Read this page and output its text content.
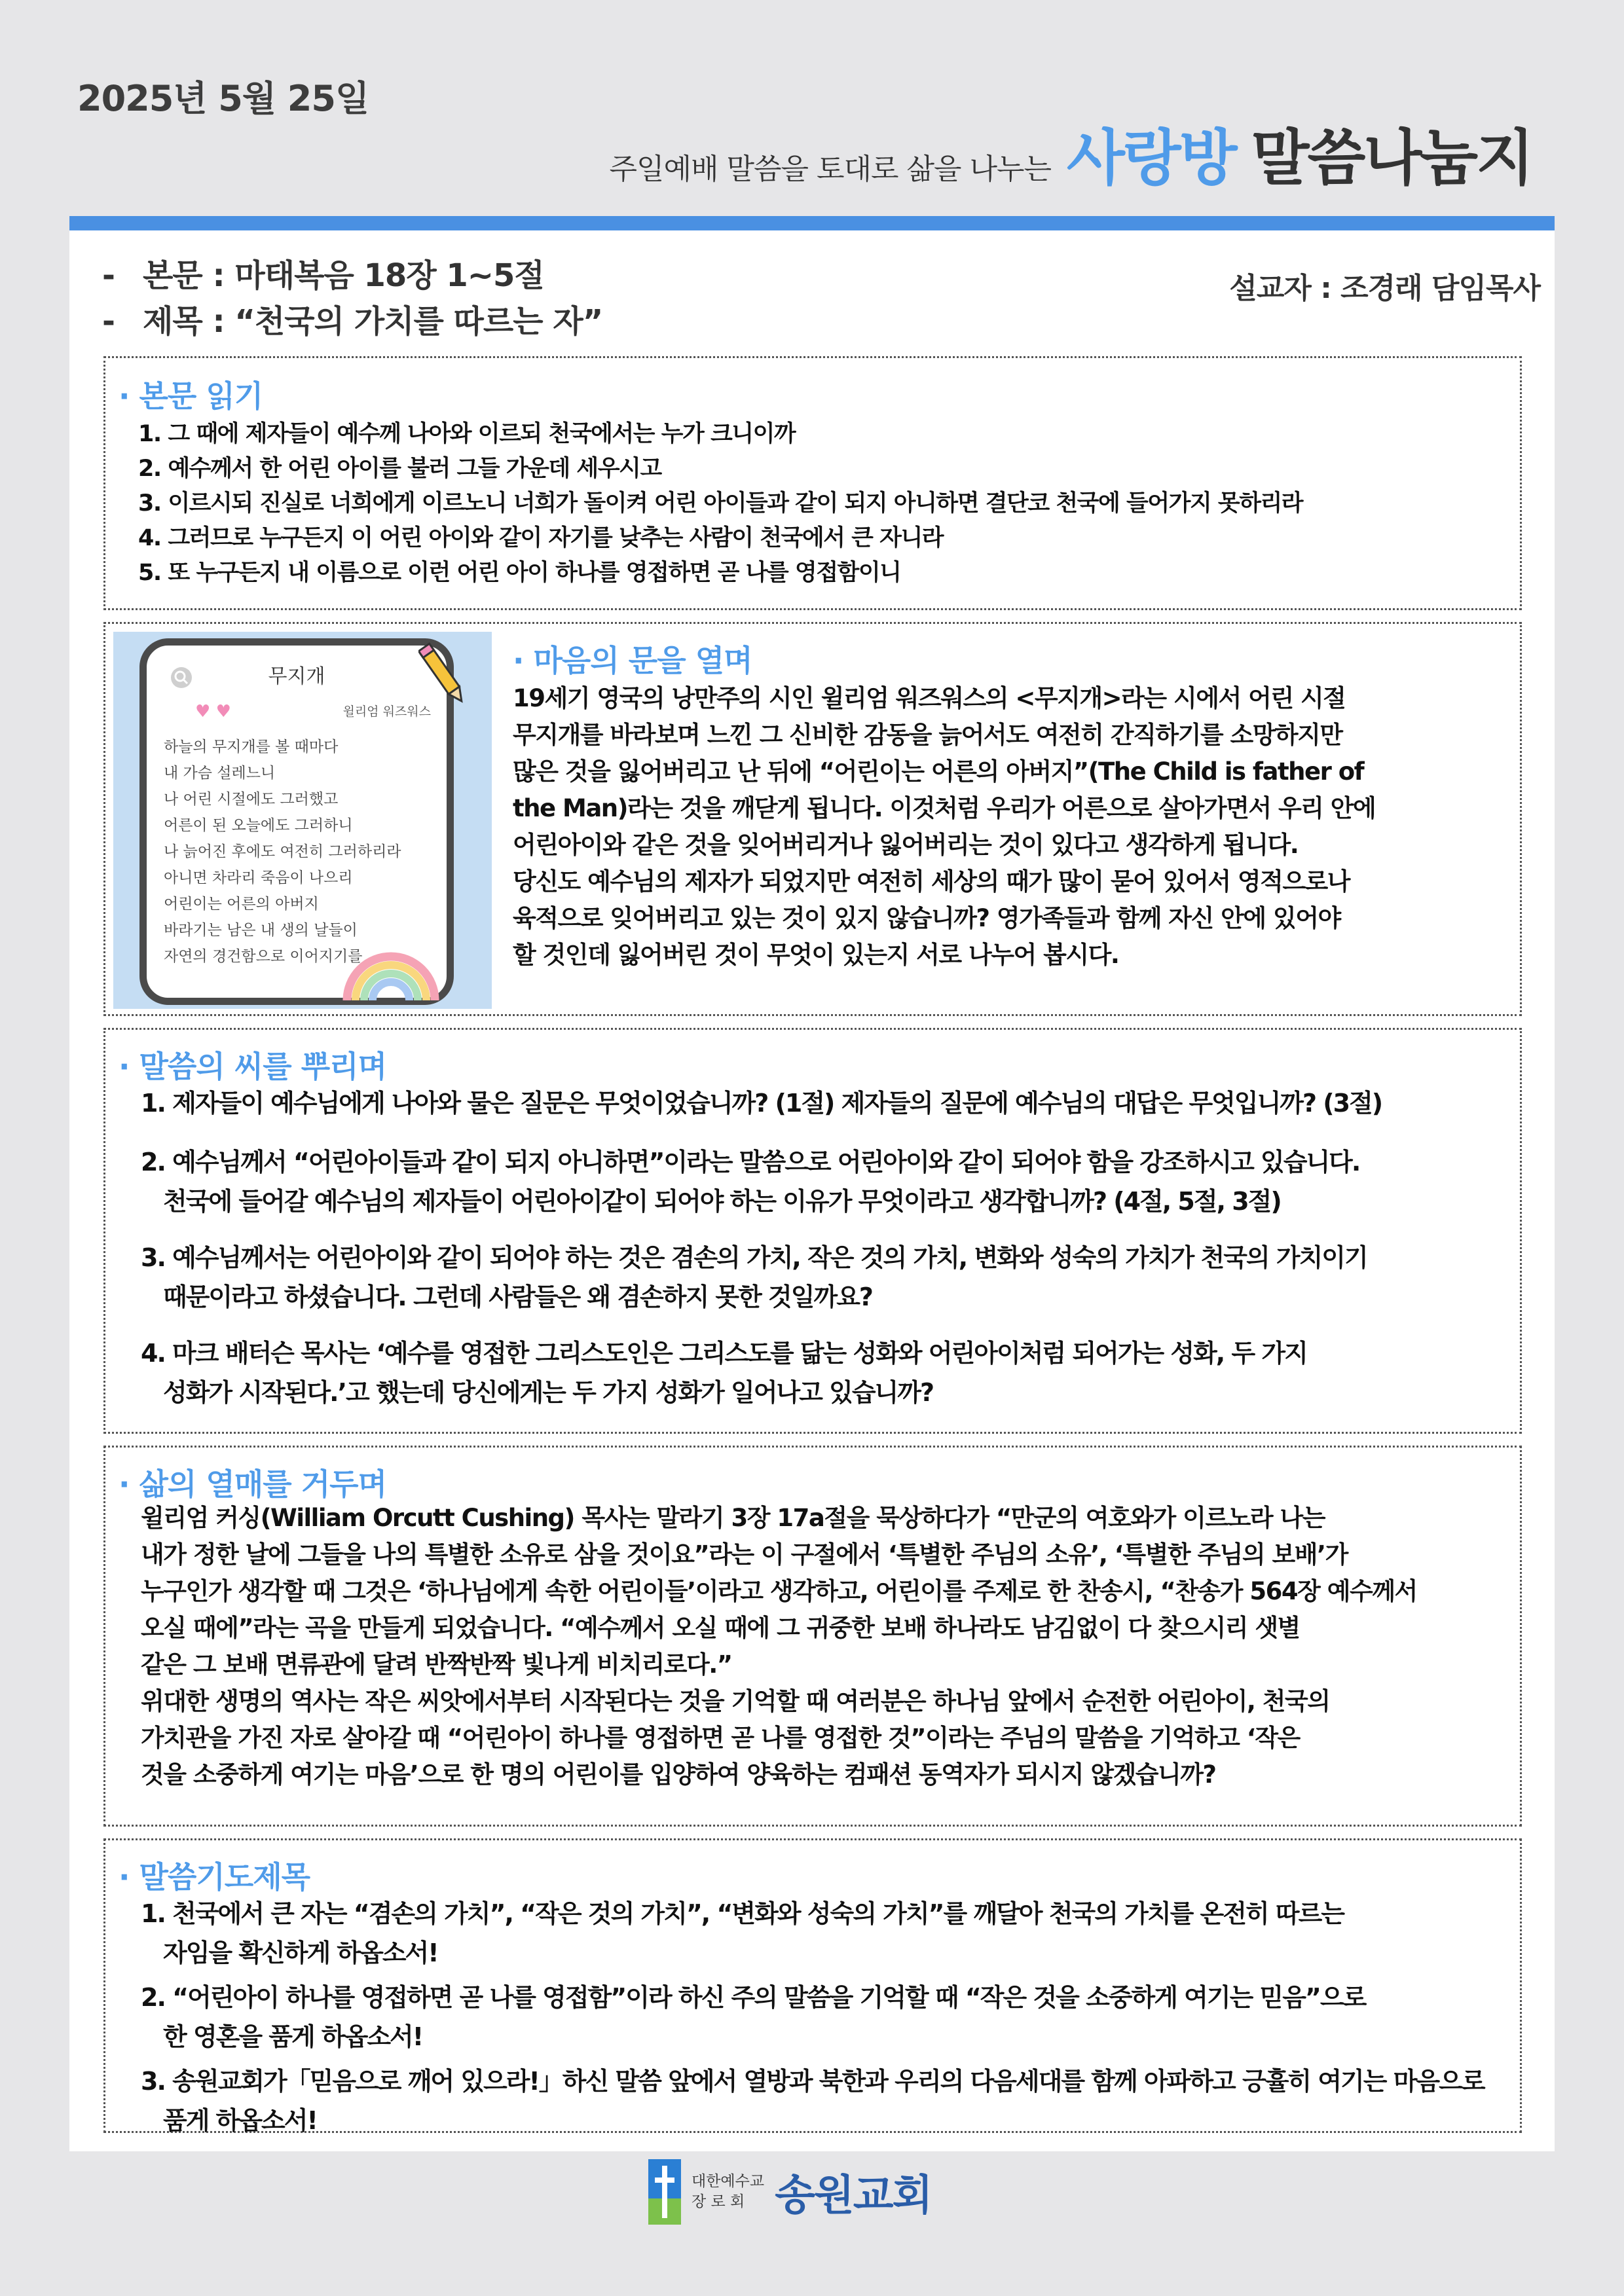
2025년 5월 25일
주일예배 말씀을 토대로 삶을 나누는 사랑방 말씀나눔지
- 본문 : 마태복음 18장 1~5절
- 제목 : “천국의 가치를 따르는 자”
설교자 : 조경래 담임목사
· 본문 읽기
1. 그 때에 제자들이 예수께 나아와 이르되 천국에서는 누가 크니이까
2. 예수께서 한 어린 아이를 불러 그들 가운데 세우시고
3. 이르시되 진실로 너희에게 이르노니 너희가 돌이켜 어린 아이들과 같이 되지 아니하면 결단코 천국에 들어가지 못하리라
4. 그러므로 누구든지 이 어린 아이와 같이 자기를 낮추는 사람이 천국에서 큰 자니라
5. 또 누구든지 내 이름으로 이런 어린 아이 하나를 영접하면 곧 나를 영접함이니
무지개
♥ ♥	윌리엄 워즈워스
하늘의 무지개를 볼 때마다
내 가슴 설레느니
나 어린 시절에도 그러했고
어른이 된 오늘에도 그러하니
나 늙어진 후에도 여전히 그러하리라
아니면 차라리 죽음이 나으리
어린이는 어른의 아버지
바라기는 남은 내 생의 날들이
자연의 경건함으로 이어지기를
· 마음의 문을 열며
19세기 영국의 낭만주의 시인 윌리엄 워즈워스의 <무지개>라는 시에서 어린 시절
무지개를 바라보며 느낀 그 신비한 감동을 늙어서도 여전히 간직하기를 소망하지만
많은 것을 잃어버리고 난 뒤에 “어린이는 어른의 아버지”(The Child is father of
the Man)라는 것을 깨닫게 됩니다. 이것처럼 우리가 어른으로 살아가면서 우리 안에
어린아이와 같은 것을 잊어버리거나 잃어버리는 것이 있다고 생각하게 됩니다.
당신도 예수님의 제자가 되었지만 여전히 세상의 때가 많이 묻어 있어서 영적으로나
육적으로 잊어버리고 있는 것이 있지 않습니까? 영가족들과 함께 자신 안에 있어야
할 것인데 잃어버린 것이 무엇이 있는지 서로 나누어 봅시다.
· 말씀의 씨를 뿌리며
1. 제자들이 예수님에게 나아와 물은 질문은 무엇이었습니까? (1절) 제자들의 질문에 예수님의 대답은 무엇입니까? (3절)
2. 예수님께서 “어린아이들과 같이 되지 아니하면”이라는 말씀으로 어린아이와 같이 되어야 함을 강조하시고 있습니다.
천국에 들어갈 예수님의 제자들이 어린아이같이 되어야 하는 이유가 무엇이라고 생각합니까? (4절, 5절, 3절)
3. 예수님께서는 어린아이와 같이 되어야 하는 것은 겸손의 가치, 작은 것의 가치, 변화와 성숙의 가치가 천국의 가치이기
때문이라고 하셨습니다. 그런데 사람들은 왜 겸손하지 못한 것일까요?
4. 마크 배터슨 목사는 ‘예수를 영접한 그리스도인은 그리스도를 닮는 성화와 어린아이처럼 되어가는 성화, 두 가지
성화가 시작된다.’고 했는데 당신에게는 두 가지 성화가 일어나고 있습니까?
· 삶의 열매를 거두며
윌리엄 커싱(William Orcutt Cushing) 목사는 말라기 3장 17a절을 묵상하다가 “만군의 여호와가 이르노라 나는
내가 정한 날에 그들을 나의 특별한 소유로 삼을 것이요”라는 이 구절에서 ‘특별한 주님의 소유’, ‘특별한 주님의 보배’가
누구인가 생각할 때 그것은 ‘하나님에게 속한 어린이들’이라고 생각하고, 어린이를 주제로 한 찬송시, “찬송가 564장 예수께서
오실 때에”라는 곡을 만들게 되었습니다. “예수께서 오실 때에 그 귀중한 보배 하나라도 남김없이 다 찾으시리 샛별
같은 그 보배 면류관에 달려 반짝반짝 빛나게 비치리로다.”
위대한 생명의 역사는 작은 씨앗에서부터 시작된다는 것을 기억할 때 여러분은 하나님 앞에서 순전한 어린아이, 천국의
가치관을 가진 자로 살아갈 때 “어린아이 하나를 영접하면 곧 나를 영접한 것”이라는 주님의 말씀을 기억하고 ‘작은
것을 소중하게 여기는 마음’으로 한 명의 어린이를 입양하여 양육하는 컴패션 동역자가 되시지 않겠습니까?
· 말씀기도제목
1. 천국에서 큰 자는 “겸손의 가치”, “작은 것의 가치”, “변화와 성숙의 가치”를 깨달아 천국의 가치를 온전히 따르는
자임을 확신하게 하옵소서!
2. “어린아이 하나를 영접하면 곧 나를 영접함”이라 하신 주의 말씀을 기억할 때 “작은 것을 소중하게 여기는 믿음”으로
한 영혼을 품게 하옵소서!
3. 송원교회가「믿음으로 깨어 있으라!」하신 말씀 앞에서 열방과 북한과 우리의 다음세대를 함께 아파하고 긍휼히 여기는 마음으로
품게 하옵소서!
대한예수교
장 로 회 송원교회
